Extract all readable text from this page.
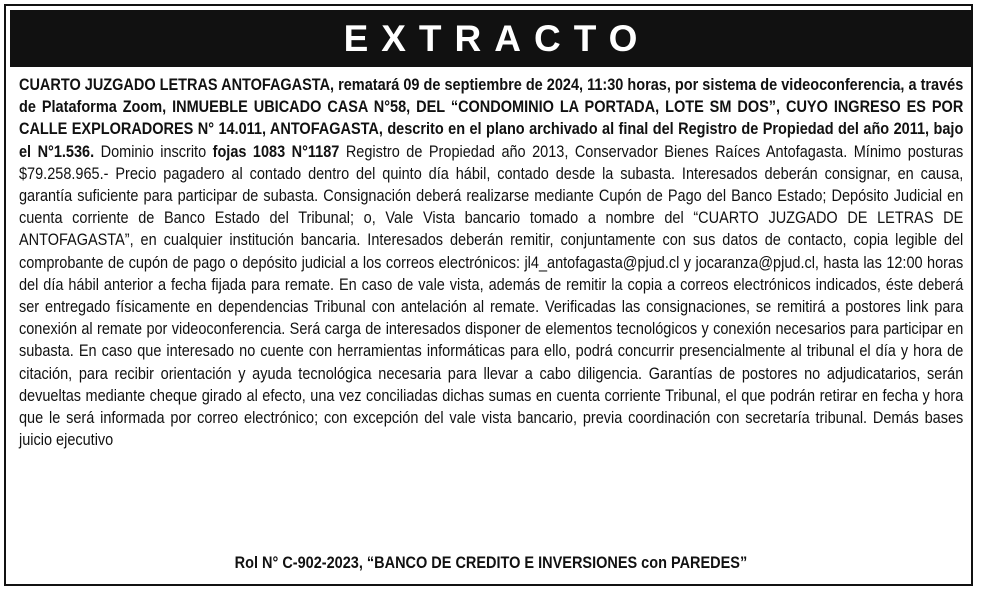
EXTRACTO
CUARTO JUZGADO LETRAS ANTOFAGASTA, rematará 09 de septiembre de 2024, 11:30 horas, por sistema de videoconferencia, a través de Plataforma Zoom, INMUEBLE UBICADO CASA N°58, DEL “CONDOMINIO LA PORTADA, LOTE SM DOS”, CUYO INGRESO ES POR CALLE EXPLORADORES N° 14.011, ANTOFAGASTA, descrito en el plano archivado al final del Registro de Propiedad del año 2011, bajo el N°1.536. Dominio inscrito fojas 1083 N°1187 Registro de Propiedad año 2013, Conservador Bienes Raíces Antofagasta. Mínimo posturas $79.258.965.- Precio pagadero al contado dentro del quinto día hábil, contado desde la subasta. Interesados deberán consignar, en causa, garantía suficiente para participar de subasta. Consignación deberá realizarse mediante Cupón de Pago del Banco Estado; Depósito Judicial en cuenta corriente de Banco Estado del Tribunal; o, Vale Vista bancario tomado a nombre del “CUARTO JUZGADO DE LETRAS DE ANTOFAGASTA”, en cualquier institución bancaria. Interesados deberán remitir, conjuntamente con sus datos de contacto, copia legible del comprobante de cupón de pago o depósito judicial a los correos electrónicos: jl4_antofagasta@pjud.cl y jocaranza@pjud.cl, hasta las 12:00 horas del día hábil anterior a fecha fijada para remate. En caso de vale vista, además de remitir la copia a correos electrónicos indicados, éste deberá ser entregado físicamente en dependencias Tribunal con antelación al remate. Verificadas las consignaciones, se remitirá a postores link para conexión al remate por videoconferencia. Será carga de interesados disponer de elementos tecnológicos y conexión necesarios para participar en subasta. En caso que interesado no cuente con herramientas informáticas para ello, podrá concurrir presencialmente al tribunal el día y hora de citación, para recibir orientación y ayuda tecnológica necesaria para llevar a cabo diligencia. Garantías de postores no adjudicatarios, serán devueltas mediante cheque girado al efecto, una vez conciliadas dichas sumas en cuenta corriente Tribunal, el que podrán retirar en fecha y hora que le será informada por correo electrónico; con excepción del vale vista bancario, previa coordinación con secretaría tribunal. Demás bases juicio ejecutivo
Rol N° C-902-2023, “BANCO DE CREDITO E INVERSIONES con PAREDES”
